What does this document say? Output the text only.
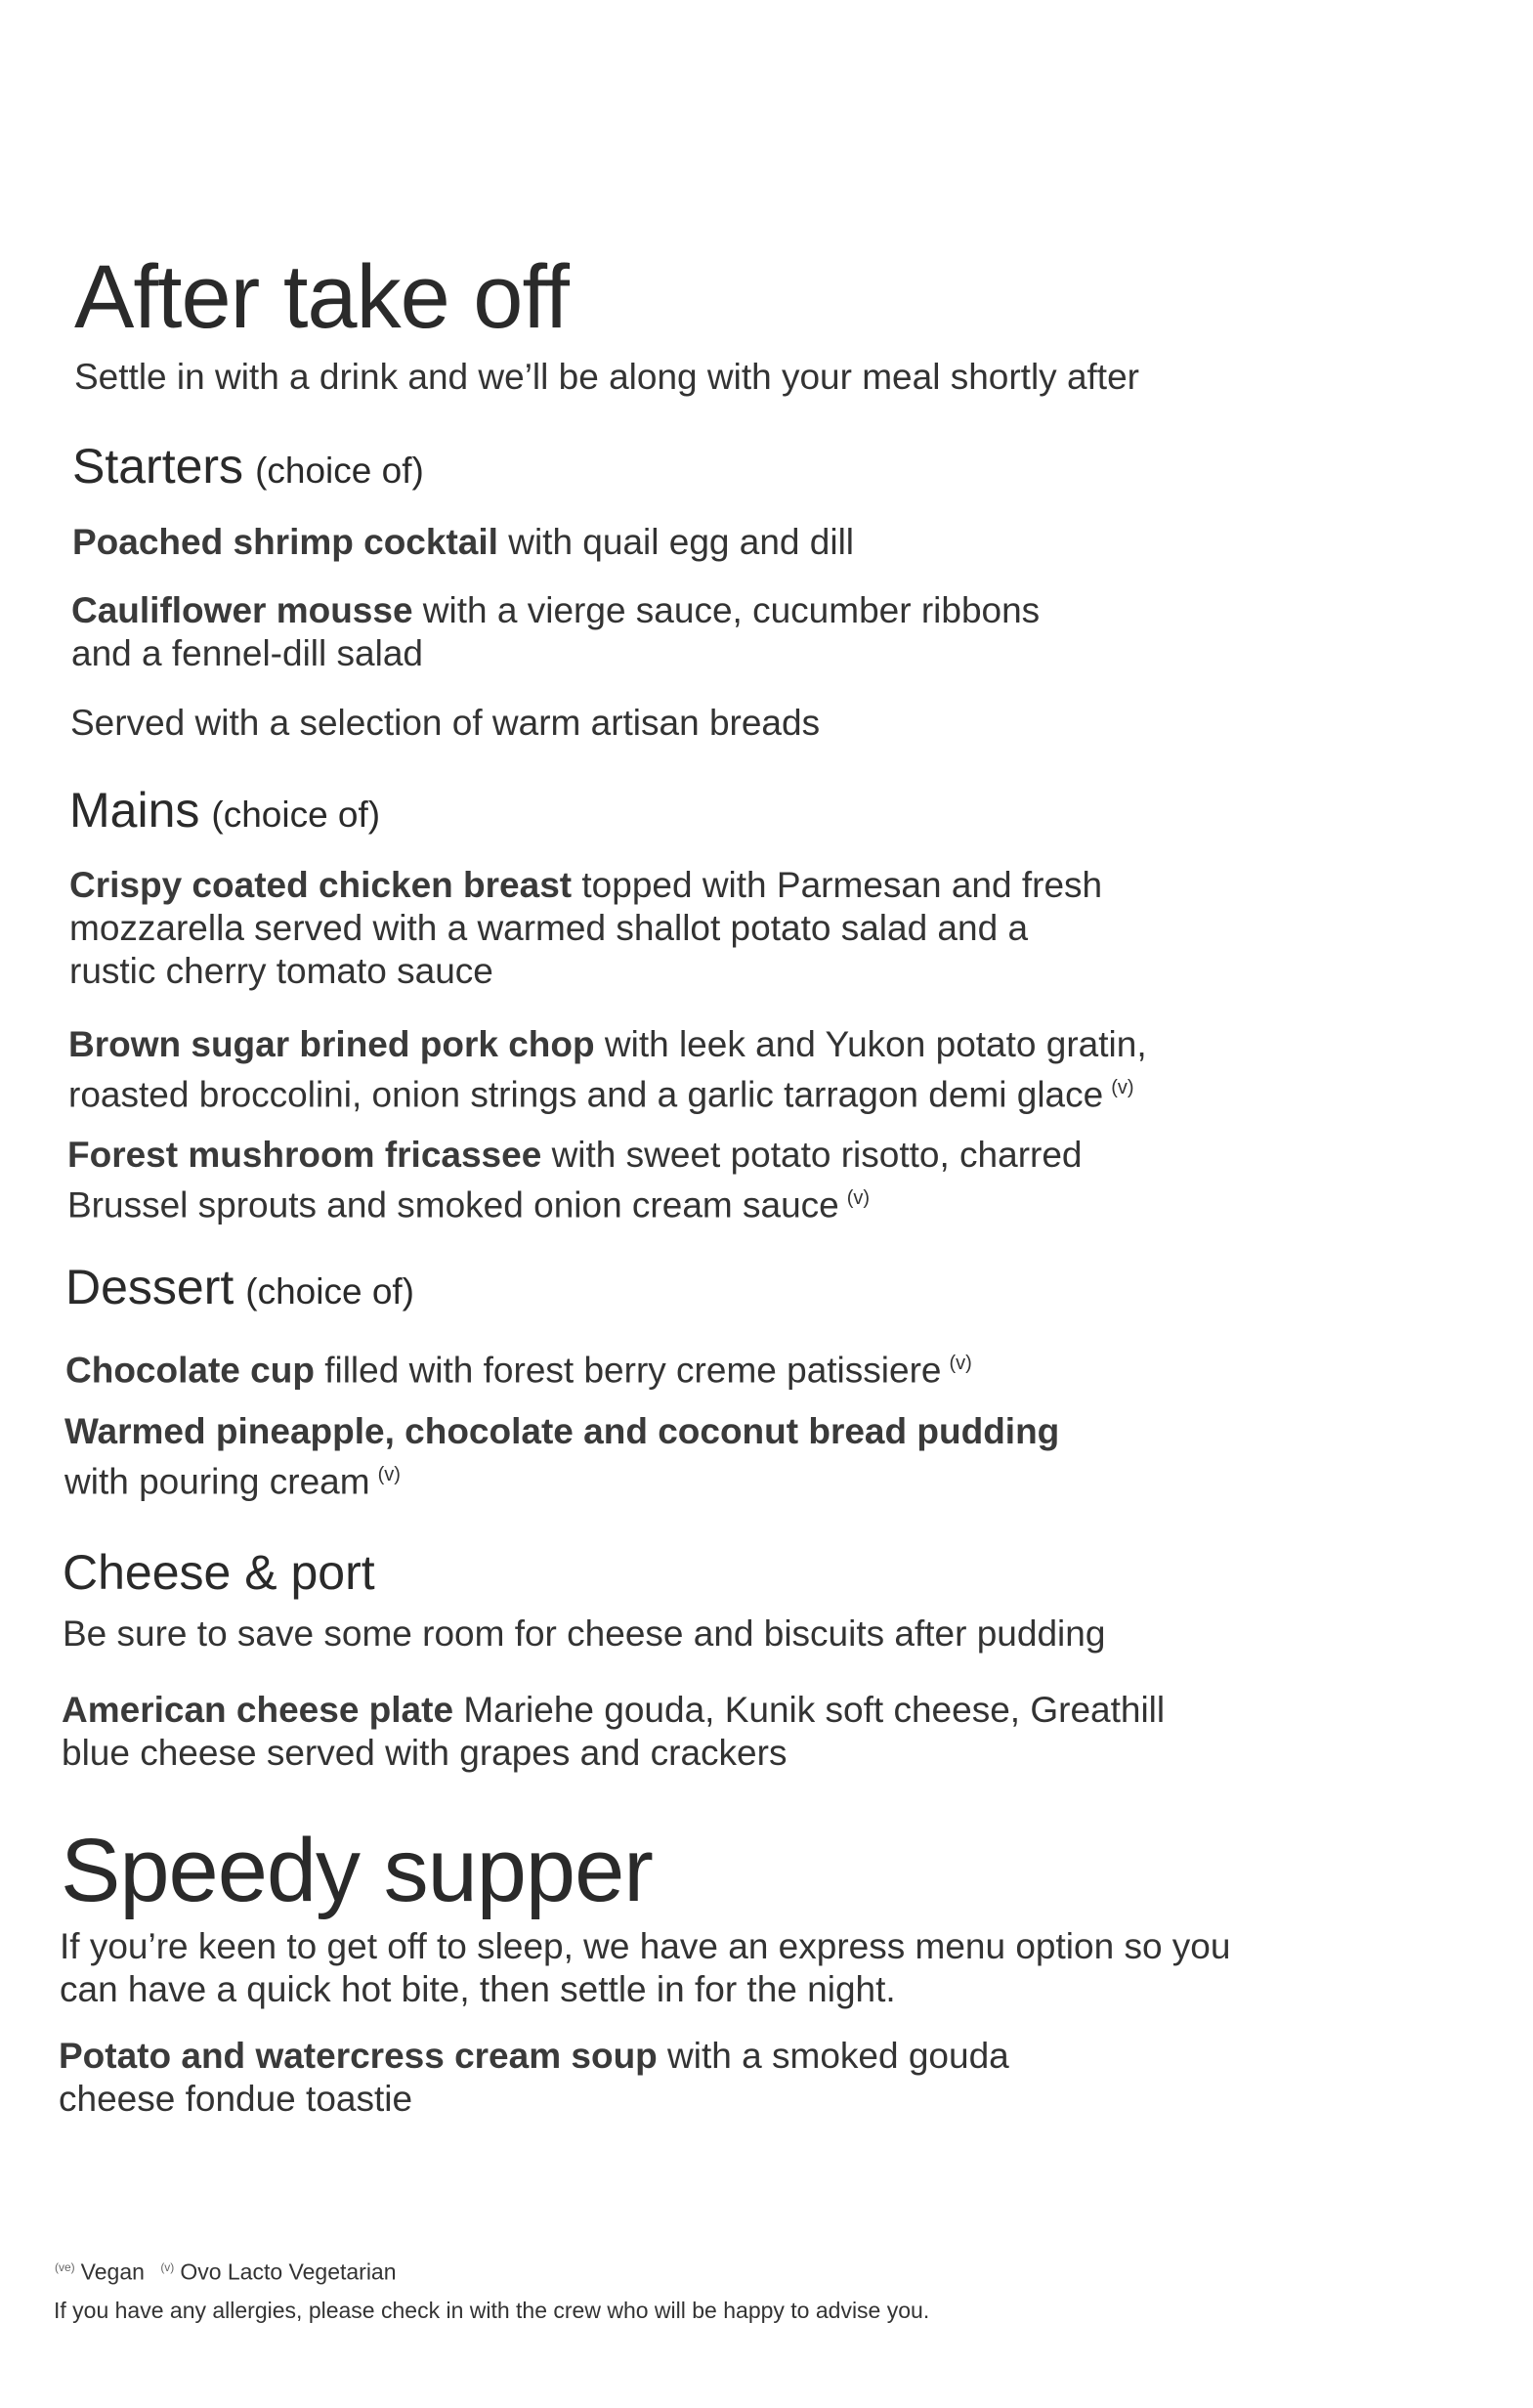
After take off
Settle in with a drink and we’ll be along with your meal shortly after
Starters (choice of)
Poached shrimp cocktail with quail egg and dill
Cauliflower mousse with a vierge sauce, cucumber ribbons
and a fennel-dill salad
Served with a selection of warm artisan breads
Mains (choice of)
Crispy coated chicken breast topped with Parmesan and fresh
mozzarella served with a warmed shallot potato salad and a
rustic cherry tomato sauce
Brown sugar brined pork chop with leek and Yukon potato gratin,
roasted broccolini, onion strings and a garlic tarragon demi glace $^{(v)}$
Forest mushroom fricassee with sweet potato risotto, charred
Brussel sprouts and smoked onion cream sauce $^{(v)}$
Dessert (choice of)
Chocolate cup filled with forest berry creme patissiere $^{(v)}$
Warmed pineapple, chocolate and coconut bread pudding
with pouring cream $^{(v)}$
Cheese & port
Be sure to save some room for cheese and biscuits after pudding
American cheese plate Mariehe gouda, Kunik soft cheese, Greathill
blue cheese served with grapes and crackers
Speedy supper
If you’re keen to get off to sleep, we have an express menu option so you
can have a quick hot bite, then settle in for the night.
Potato and watercress cream soup with a smoked gouda
cheese fondue toastie
$^{(ve)}$ Vegan $^{(v)}$ Ovo Lacto Vegetarian
If you have any allergies, please check in with the crew who will be happy to advise you.
